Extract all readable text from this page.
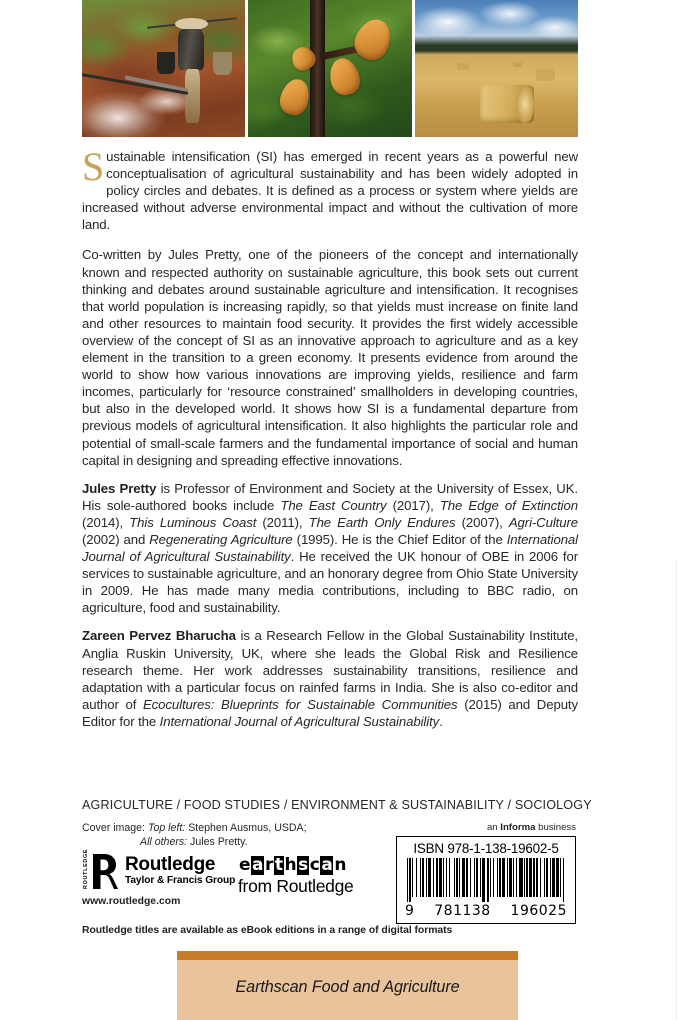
Sustainable intensification (SI) has emerged in recent years as a powerful new conceptualisation of agricultural sustainability and has been widely adopted in policy circles and debates. It is defined as a process or system where yields are increased without adverse environmental impact and without the cultivation of more land.

Co-written by Jules Pretty, one of the pioneers of the concept and internationally known and respected authority on sustainable agriculture, this book sets out current thinking and debates around sustainable agriculture and intensification. It recognises that world population is increasing rapidly, so that yields must increase on finite land and other resources to maintain food security. It provides the first widely accessible overview of the concept of SI as an innovative approach to agriculture and as a key element in the transition to a green economy. It presents evidence from around the world to show how various innovations are improving yields, resilience and farm incomes, particularly for ‘resource constrained’ smallholders in developing countries, but also in the developed world. It shows how SI is a fundamental departure from previous models of agricultural intensification. It also highlights the particular role and potential of small-scale farmers and the fundamental importance of social and human capital in designing and spreading effective innovations.

Jules Pretty is Professor of Environment and Society at the University of Essex, UK. His sole-authored books include The East Country (2017), The Edge of Extinction (2014), This Luminous Coast (2011), The Earth Only Endures (2007), Agri-Culture (2002) and Regenerating Agriculture (1995). He is the Chief Editor of the International Journal of Agricultural Sustainability. He received the UK honour of OBE in 2006 for services to sustainable agriculture, and an honorary degree from Ohio State University in 2009. He has made many media contributions, including to BBC radio, on agriculture, food and sustainability.

Zareen Pervez Bharucha is a Research Fellow in the Global Sustainability Institute, Anglia Ruskin University, UK, where she leads the Global Risk and Resilience research theme. Her work addresses sustainability transitions, resilience and adaptation with a particular focus on rainfed farms in India. She is also co-editor and author of Ecocultures: Blueprints for Sustainable Communities (2015) and Deputy Editor for the International Journal of Agricultural Sustainability.

AGRICULTURE / FOOD STUDIES / ENVIRONMENT & SUSTAINABILITY / SOCIOLOGY
Cover image: Top left: Stephen Ausmus, USDA;
All others: Jules Pretty.
ROUTLEDGE Routledge
Taylor & Francis Group
www.routledge.com
e a r t h s c a n
from Routledge
an Informa business
ISBN 978-1-138-19602-5
9 781138 196025
Routledge titles are available as eBook editions in a range of digital formats
Earthscan Food and Agriculture
